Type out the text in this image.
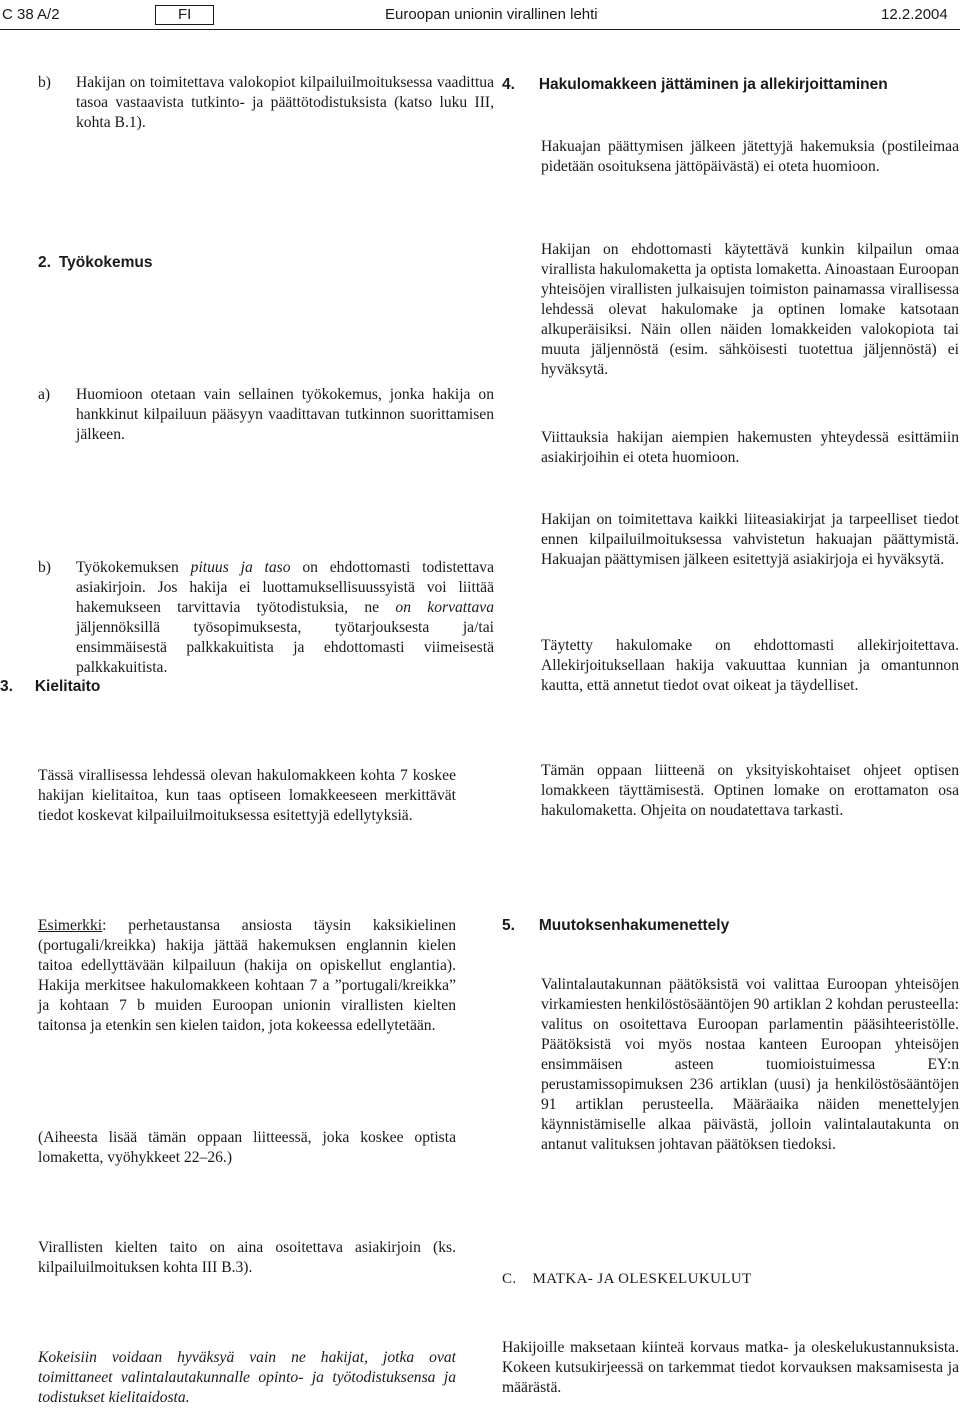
C 38 A/2	FI	Euroopan unionin virallinen lehti	12.2.2004
b) Hakijan on toimitettava valokopiot kilpailuilmoituksessa vaadittua tasoa vastaavista tutkinto- ja päättötodistuksista (katso luku III, kohta B.1).
2. Työkokemus
a) Huomioon otetaan vain sellainen työkokemus, jonka hakija on hankkinut kilpailuun pääsyyn vaadittavan tutkinnon suorittamisen jälkeen.
b) Työkokemuksen pituus ja taso on ehdottomasti todistettava asiakirjoin. Jos hakija ei luottamuksellisuussyistä voi liittää hakemukseen tarvittavia työtodistuksia, ne on korvattava jäljennöksillä työsopimuksesta, työtarjouksesta ja/tai ensimmäisestä palkkakuitista ja ehdottomasti viimeisestä palkkakuitista.
3. Kielitaito

Tässä virallisessa lehdessä olevan hakulomakkeen kohta 7 koskee hakijan kielitaitoa, kun taas optiseen lomakkeeseen merkittävät tiedot koskevat kilpailuilmoituksessa esitettyjä edellytyksiä.

Esimerkki: perhetaustansa ansiosta täysin kaksikielinen (portugali/kreikka) hakija jättää hakemuksen englannin kielen taitoa edellyttävään kilpailuun (hakija on opiskellut englantia). Hakija merkitsee hakulomakkeen kohtaan 7 a ”portugali/kreikka” ja kohtaan 7 b muiden Euroopan unionin virallisten kielten taitonsa ja etenkin sen kielen taidon, jota kokeessa edellytetään.

(Aiheesta lisää tämän oppaan liitteessä, joka koskee optista lomaketta, vyöhykkeet 22–26.)

Virallisten kielten taito on aina osoitettava asiakirjoin (ks. kilpailuilmoituksen kohta III B.3).

Kokeisiin voidaan hyväksyä vain ne hakijat, jotka ovat toimittaneet valintalautakunnalle opinto- ja työtodistuksensa ja todistukset kielitaidosta.

4. Hakulomakkeen jättäminen ja allekirjoittaminen

Hakuajan päättymisen jälkeen jätettyjä hakemuksia (postileimaa pidetään osoituksena jättöpäivästä) ei oteta huomioon.

Hakijan on ehdottomasti käytettävä kunkin kilpailun omaa virallista hakulomaketta ja optista lomaketta. Ainoastaan Euroopan yhteisöjen virallisten julkaisujen toimiston painamassa virallisessa lehdessä olevat hakulomake ja optinen lomake katsotaan alkuperäisiksi. Näin ollen näiden lomakkeiden valokopiota tai muuta jäljennöstä (esim. sähköisesti tuotettua jäljennöstä) ei hyväksytä.

Viittauksia hakijan aiempien hakemusten yhteydessä esittämiin asiakirjoihin ei oteta huomioon.

Hakijan on toimitettava kaikki liiteasiakirjat ja tarpeelliset tiedot ennen kilpailuilmoituksessa vahvistetun hakuajan päättymistä. Hakuajan päättymisen jälkeen esitettyjä asiakirjoja ei hyväksytä.

Täytetty hakulomake on ehdottomasti allekirjoitettava. Allekirjoituksellaan hakija vakuuttaa kunnian ja omantunnon kautta, että annetut tiedot ovat oikeat ja täydelliset.

Tämän oppaan liitteenä on yksityiskohtaiset ohjeet optisen lomakkeen täyttämisestä. Optinen lomake on erottamaton osa hakulomaketta. Ohjeita on noudatettava tarkasti.

5. Muutoksenhakumenettely

Valintalautakunnan päätöksistä voi valittaa Euroopan yhteisöjen virkamiesten henkilöstösääntöjen 90 artiklan 2 kohdan perusteella: valitus on osoitettava Euroopan parlamentin pääsihteeristölle. Päätöksistä voi myös nostaa kanteen Euroopan yhteisöjen ensimmäisen asteen tuomioistuimessa EY:n perustamissopimuksen 236 artiklan (uusi) ja henkilöstösääntöjen 91 artiklan perusteella. Määräaika näiden menettelyjen käynnistämiselle alkaa päivästä, jolloin valintalautakunta on antanut valituksen johtavan päätöksen tiedoksi.

C. MATKA- JA OLESKELUKULUT

Hakijoille maksetaan kiinteä korvaus matka- ja oleskelukustannuksista. Kokeen kutsukirjeessä on tarkemmat tiedot korvauksen maksamisesta ja määrästä.
